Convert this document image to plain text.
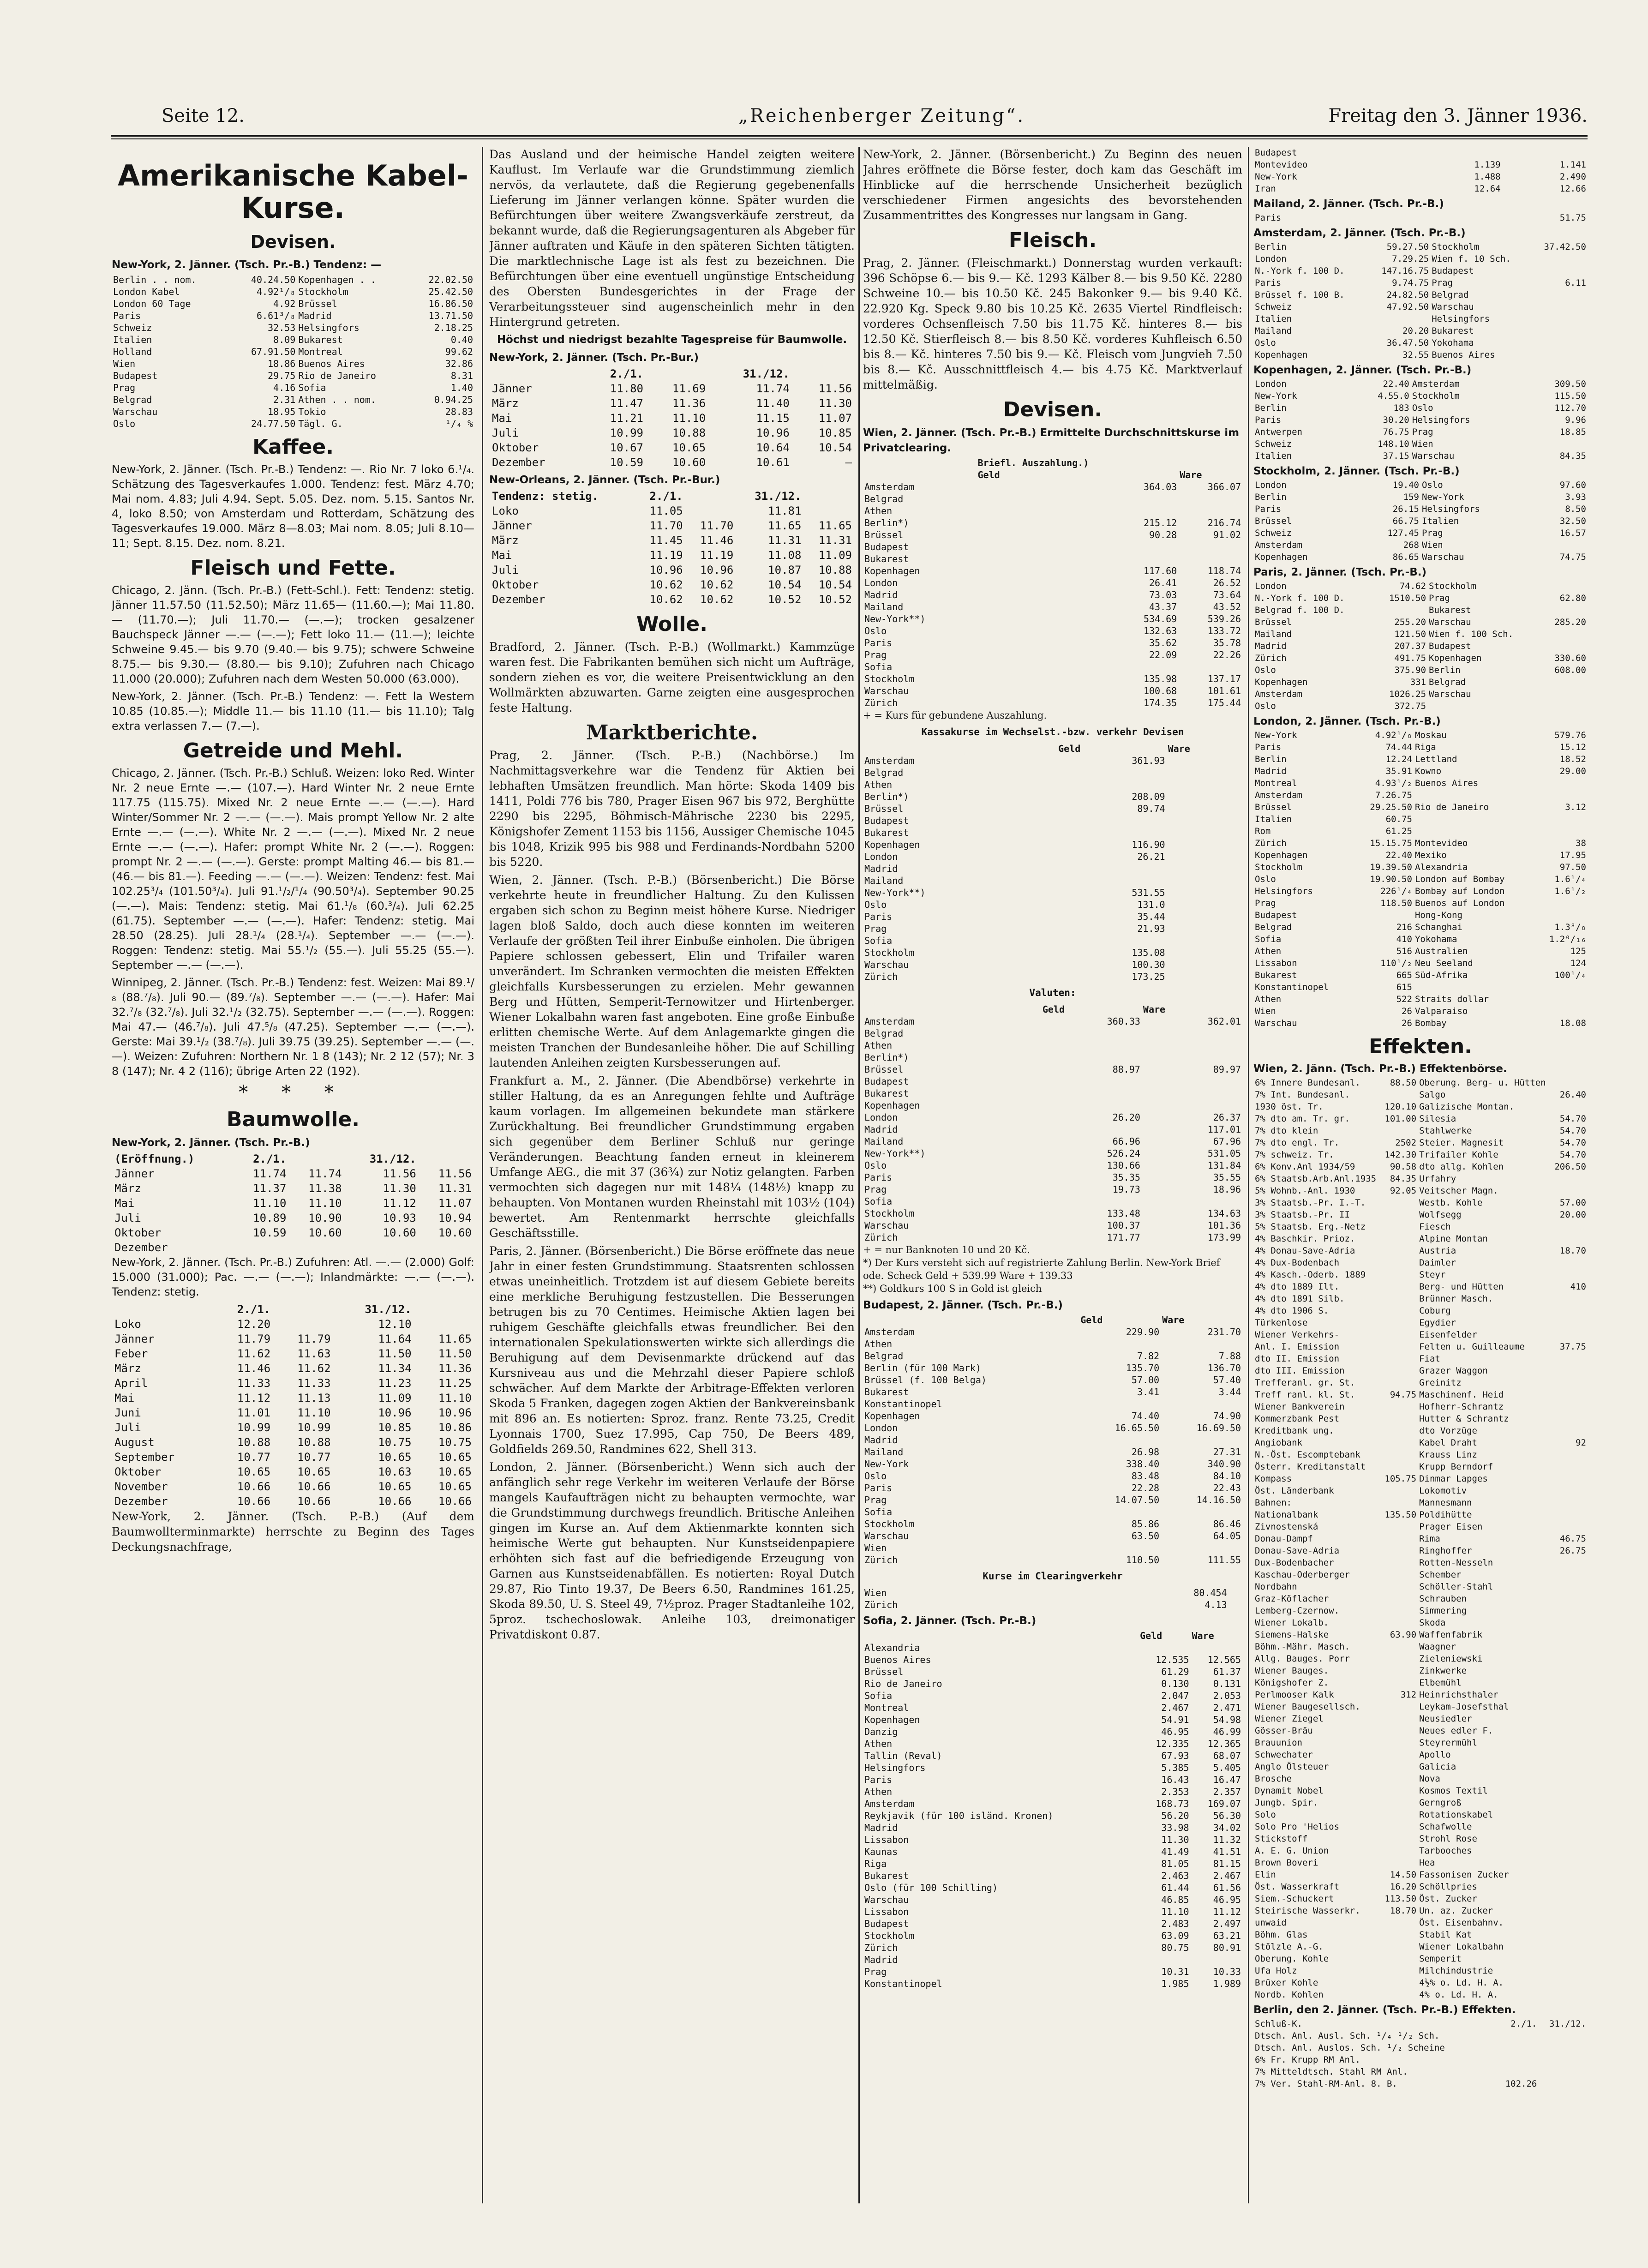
Seite 12.	„Reichenberger Zeitung“.	Freitag den 3. Jänner 1936.
Amerikanische Kabel-Kurse.
Devisen.
New-York, 2. Jänner. (Tsch. Pr.-B.) Tendenz: —
Berlin . . nom.	40.24.50	Kopenhagen . .	22.02.50
London Kabel	4.92¹/₈	Stockholm	25.42.50
London 60 Tage	4.92	Brüssel	16.86.50
Paris	6.61³/₈	Madrid	13.71.50
Schweiz	32.53	Helsingfors	2.18.25
Italien	8.09	Bukarest	0.40
Holland	67.91.50	Montreal	99.62
Wien	18.86	Buenos Aires	32.86
Budapest	29.75	Rio de Janeiro	8.31
Prag	4.16	Sofia	1.40
Belgrad	2.31	Athen . . nom.	0.94.25
Warschau	18.95	Tokio	28.83
Oslo	24.77.50	Tägl. G.	¹/₄ %
Kaffee.
New-York, 2. Jänner. (Tsch. Pr.-B.) Tendenz: —. Rio Nr. 7 loko 6.¹/₄. Schätzung des Tagesverkaufes 1.000. Tendenz: fest. März 4.70; Mai nom. 4.83; Juli 4.94. Sept. 5.05. Dez. nom. 5.15. Santos Nr. 4, loko 8.50; von Amsterdam und Rotterdam, Schätzung des Tagesverkaufes 19.000. März 8—8.03; Mai nom. 8.05; Juli 8.10—11; Sept. 8.15. Dez. nom. 8.21.
Fleisch und Fette.
Chicago, 2. Jänn. (Tsch. Pr.-B.) (Fett-Schl.). Fett: Tendenz: stetig. Jänner 11.57.50 (11.52.50); März 11.65— (11.60.—); Mai 11.80.— (11.70.—); Juli 11.70.— (—.—); trocken gesalzener Bauchspeck Jänner —.— (—.—); Fett loko 11.— (11.—); leichte Schweine 9.45.— bis 9.70 (9.40.— bis 9.75); schwere Schweine 8.75.— bis 9.30.— (8.80.— bis 9.10); Zufuhren nach Chicago 11.000 (20.000); Zufuhren nach dem Westen 50.000 (63.000).
New-York, 2. Jänner. (Tsch. Pr.-B.) Tendenz: —. Fett la Western 10.85 (10.85.—); Middle 11.— bis 11.10 (11.— bis 11.10); Talg extra verlassen 7.— (7.—).
Getreide und Mehl.
Chicago, 2. Jänner. (Tsch. Pr.-B.) Schluß. Weizen: loko Red. Winter Nr. 2 neue Ernte —.— (107.—). Hard Winter Nr. 2 neue Ernte 117.75 (115.75). Mixed Nr. 2 neue Ernte —.— (—.—). Hard Winter/Sommer Nr. 2 —.— (—.—). Mais prompt Yellow Nr. 2 alte Ernte —.— (—.—). White Nr. 2 —.— (—.—). Mixed Nr. 2 neue Ernte —.— (—.—). Hafer: prompt White Nr. 2 (—.—). Roggen: prompt Nr. 2 —.— (—.—). Gerste: prompt Malting 46.— bis 81.— (46.— bis 81.—). Feeding —.— (—.—). Weizen: Tendenz: fest. Mai 102.25³/₄ (101.50³/₄). Juli 91.¹/₂/¹/₄ (90.50³/₄). September 90.25 (—.—). Mais: Tendenz: stetig. Mai 61.¹/₈ (60.³/₄). Juli 62.25 (61.75). September —.— (—.—). Hafer: Tendenz: stetig. Mai 28.50 (28.25). Juli 28.¹/₄ (28.¹/₄). September —.— (—.—). Roggen: Tendenz: stetig. Mai 55.¹/₂ (55.—). Juli 55.25 (55.—). September —.— (—.—).
Winnipeg, 2. Jänner. (Tsch. Pr.-B.) Tendenz: fest. Weizen: Mai 89.¹/₈ (88.⁷/₈). Juli 90.— (89.⁷/₈). September —.— (—.—). Hafer: Mai 32.⁷/₈ (32.⁷/₈). Juli 32.¹/₂ (32.75). September —.— (—.—). Roggen: Mai 47.— (46.⁷/₈). Juli 47.⁵/₈ (47.25). September —.— (—.—). Gerste: Mai 39.¹/₂ (38.⁷/₈). Juli 39.75 (39.25). September —.— (—.—). Weizen: Zufuhren: Northern Nr. 1 8 (143); Nr. 2 12 (57); Nr. 3 8 (147); Nr. 4 2 (116); übrige Arten 22 (192).
* * *
Baumwolle.
New-York, 2. Jänner. (Tsch. Pr.-B.)
(Eröffnung.)	2./1.		31./12.	
Jänner	11.74	11.74	11.56	11.56
März	11.37	11.38	11.30	11.31
Mai	11.10	11.10	11.12	11.07
Juli	10.89	10.90	10.93	10.94
Oktober	10.59	10.60	10.60	10.60
Dezember				
New-York, 2. Jänner. (Tsch. Pr.-B.) Zufuhren: Atl. —.— (2.000) Golf: 15.000 (31.000); Pac. —.— (—.—); Inlandmärkte: —.— (—.—). Tendenz: stetig.
	2./1.		31./12.	
Loko	12.20		12.10	
Jänner	11.79	11.79	11.64	11.65
Feber	11.62	11.63	11.50	11.50
März	11.46	11.62	11.34	11.36
April	11.33	11.33	11.23	11.25
Mai	11.12	11.13	11.09	11.10
Juni	11.01	11.10	10.96	10.96
Juli	10.99	10.99	10.85	10.86
August	10.88	10.88	10.75	10.75
September	10.77	10.77	10.65	10.65
Oktober	10.65	10.65	10.63	10.65
November	10.66	10.66	10.65	10.65
Dezember	10.66	10.66	10.66	10.66
New-York, 2. Jänner. (Tsch. P.-B.) (Auf dem Baumwollterminmarkte) herrschte zu Beginn des Tages Deckungsnachfrage,
Das Ausland und der heimische Handel zeigten weitere Kauflust. Im Verlaufe war die Grundstimmung ziemlich nervös, da verlautete, daß die Regierung gegebenenfalls Lieferung im Jänner verlangen könne. Später wurden die Befürchtungen über weitere Zwangsverkäufe zerstreut, da bekannt wurde, daß die Regierungsagenturen als Abgeber für Jänner auftraten und Käufe in den späteren Sichten tätigten. Die marktlechnische Lage ist als fest zu bezeichnen. Die Befürchtungen über eine eventuell ungünstige Entscheidung des Obersten Bundesgerichtes in der Frage der Verarbeitungssteuer sind augenscheinlich mehr in den Hintergrund getreten.
Höchst und niedrigst bezahlte Tagespreise für Baumwolle.
New-York, 2. Jänner. (Tsch. Pr.-Bur.)
	2./1.		31./12.	
Jänner	11.80	11.69	11.74	11.56
März	11.47	11.36	11.40	11.30
Mai	11.21	11.10	11.15	11.07
Juli	10.99	10.88	10.96	10.85
Oktober	10.67	10.65	10.64	10.54
Dezember	10.59	10.60	10.61	—
New-Orleans, 2. Jänner. (Tsch. Pr.-Bur.)
Tendenz: stetig.	2./1.		31./12.	
Loko	11.05		11.81	
Jänner	11.70	11.70	11.65	11.65
März	11.45	11.46	11.31	11.31
Mai	11.19	11.19	11.08	11.09
Juli	10.96	10.96	10.87	10.88
Oktober	10.62	10.62	10.54	10.54
Dezember	10.62	10.62	10.52	10.52
Wolle.
Bradford, 2. Jänner. (Tsch. P.-B.) (Wollmarkt.) Kammzüge waren fest. Die Fabrikanten bemühen sich nicht um Aufträge, sondern ziehen es vor, die weitere Preisentwicklung an den Wollmärkten abzuwarten. Garne zeigten eine ausgesprochen feste Haltung.
Marktberichte.
Prag, 2. Jänner. (Tsch. P.-B.) (Nachbörse.) Im Nachmittagsverkehre war die Tendenz für Aktien bei lebhaften Umsätzen freundlich. Man hörte: Skoda 1409 bis 1411, Poldi 776 bis 780, Prager Eisen 967 bis 972, Berghütte 2290 bis 2295, Böhmisch-Mährische 2230 bis 2295, Königshofer Zement 1153 bis 1156, Aussiger Chemische 1045 bis 1048, Krizik 995 bis 988 und Ferdinands-Nordbahn 5200 bis 5220.
Wien, 2. Jänner. (Tsch. P.-B.) (Börsenbericht.) Die Börse verkehrte heute in freundlicher Haltung. Zu den Kulissen ergaben sich schon zu Beginn meist höhere Kurse. Niedriger lagen bloß Saldo, doch auch diese konnten im weiteren Verlaufe der größten Teil ihrer Einbuße einholen. Die übrigen Papiere schlossen gebessert, Elin und Trifailer waren unverändert. Im Schranken vermochten die meisten Effekten gleichfalls Kursbesserungen zu erzielen. Mehr gewannen Berg und Hütten, Semperit-Ternowitzer und Hirtenberger. Wiener Lokalbahn waren fast angeboten. Eine große Einbuße erlitten chemische Werte. Auf dem Anlagemarkte gingen die meisten Tranchen der Bundesanleihe höher. Die auf Schilling lautenden Anleihen zeigten Kursbesserungen auf.
Frankfurt a. M., 2. Jänner. (Die Abendbörse) verkehrte in stiller Haltung, da es an Anregungen fehlte und Aufträge kaum vorlagen. Im allgemeinen bekundete man stärkere Zurückhaltung. Bei freundlicher Grundstimmung ergaben sich gegenüber dem Berliner Schluß nur geringe Veränderungen. Beachtung fanden erneut in kleinerem Umfange AEG., die mit 37 (36¾) zur Notiz gelangten. Farben vermochten sich dagegen nur mit 148¼ (148½) knapp zu behaupten. Von Montanen wurden Rheinstahl mit 103½ (104) bewertet. Am Rentenmarkt herrschte gleichfalls Geschäftsstille.
Paris, 2. Jänner. (Börsenbericht.) Die Börse eröffnete das neue Jahr in einer festen Grundstimmung. Staatsrenten schlossen etwas uneinheitlich. Trotzdem ist auf diesem Gebiete bereits eine merkliche Beruhigung festzustellen. Die Besserungen betrugen bis zu 70 Centimes. Heimische Aktien lagen bei ruhigem Geschäfte gleichfalls etwas freundlicher. Bei den internationalen Spekulationswerten wirkte sich allerdings die Beruhigung auf dem Devisenmarkte drückend auf das Kursniveau aus und die Mehrzahl dieser Papiere schloß schwächer. Auf dem Markte der Arbitrage-Effekten verloren Skoda 5 Franken, dagegen zogen Aktien der Bankvereinsbank mit 896 an. Es notierten: Sproz. franz. Rente 73.25, Credit Lyonnais 1700, Suez 17.995, Cap 750, De Beers 489, Goldfields 269.50, Randmines 622, Shell 313.
London, 2. Jänner. (Börsenbericht.) Wenn sich auch der anfänglich sehr rege Verkehr im weiteren Verlaufe der Börse mangels Kaufaufträgen nicht zu behaupten vermochte, war die Grundstimmung durchwegs freundlich. Britische Anleihen gingen im Kurse an. Auf dem Aktienmarkte konnten sich heimische Werte gut behaupten. Nur Kunstseidenpapiere erhöhten sich fast auf die befriedigende Erzeugung von Garnen aus Kunstseidenabfällen. Es notierten: Royal Dutch 29.87, Rio Tinto 19.37, De Beers 6.50, Randmines 161.25, Skoda 89.50, U. S. Steel 49, 7½proz. Prager Stadtanleihe 102, 5proz. tschechoslowak. Anleihe 103, dreimonatiger Privatdiskont 0.87.
New-York, 2. Jänner. (Börsenbericht.) Zu Beginn des neuen Jahres eröffnete die Börse fester, doch kam das Geschäft im Hinblicke auf die herrschende Unsicherheit bezüglich verschiedener Firmen angesichts des bevorstehenden Zusammentrittes des Kongresses nur langsam in Gang.
Fleisch.
Prag, 2. Jänner. (Fleischmarkt.) Donnerstag wurden verkauft: 396 Schöpse 6.— bis 9.— Kč. 1293 Kälber 8.— bis 9.50 Kč. 2280 Schweine 10.— bis 10.50 Kč. 245 Bakonker 9.— bis 9.40 Kč. 22.920 Kg. Speck 9.80 bis 10.25 Kč. 2635 Viertel Rindfleisch: vorderes Ochsenfleisch 7.50 bis 11.75 Kč. hinteres 8.— bis 12.50 Kč. Stierfleisch 8.— bis 8.50 Kč. vorderes Kuhfleisch 6.50 bis 8.— Kč. hinteres 7.50 bis 9.— Kč. Fleisch vom Jungvieh 7.50 bis 8.— Kč. Ausschnittfleisch 4.— bis 4.75 Kč. Marktverlauf mittelmäßig.
Devisen.
Wien, 2. Jänner. (Tsch. Pr.-B.) Ermittelte Durchschnittskurse im Privatclearing.
	Briefl. Auszahlung.)	
	Geld	Ware
Amsterdam	364.03	366.07
Belgrad		
Athen		
Berlin*)	215.12	216.74
Brüssel	90.28	91.02
Budapest		
Bukarest		
Kopenhagen	117.60	118.74
London	26.41	26.52
Madrid	73.03	73.64
Mailand	43.37	43.52
New-York**)	534.69	539.26
Oslo	132.63	133.72
Paris	35.62	35.78
Prag	22.09	22.26
Sofia		
Stockholm	135.98	137.17
Warschau	100.68	101.61
Zürich	174.35	175.44
+ = Kurs für gebundene Auszahlung.
Kassakurse im Wechselst.-bzw. verkehr Devisen
	Geld	Ware
Amsterdam	361.93	
Belgrad		
Athen		
Berlin*)	208.09	
Brüssel	89.74	
Budapest		
Bukarest		
Kopenhagen	116.90	
London	26.21	
Madrid		
Mailand		
New-York**)	531.55	
Oslo	131.0	
Paris	35.44	
Prag	21.93	
Sofia		
Stockholm	135.08	
Warschau	100.30	
Zürich	173.25	
Valuten:
	Geld	Ware
Amsterdam	360.33	362.01
Belgrad		
Athen		
Berlin*)		
Brüssel	88.97	89.97
Budapest		
Bukarest		
Kopenhagen		
London	26.20	26.37
Madrid		117.01
Mailand	66.96	67.96
New-York**)	526.24	531.05
Oslo	130.66	131.84
Paris	35.35	35.55
Prag	19.73	18.96
Sofia		
Stockholm	133.48	134.63
Warschau	100.37	101.36
Zürich	171.77	173.99
+ = nur Banknoten 10 und 20 Kč.
*) Der Kurs versteht sich auf registrierte Zahlung Berlin. New-York Brief ode. Scheck Geld + 539.99 Ware + 139.33
**) Goldkurs 100 S in Gold ist gleich
Budapest, 2. Jänner. (Tsch. Pr.-B.)
	Geld	Ware
Amsterdam	229.90	231.70
Athen		
Belgrad	7.82	7.88
Berlin (für 100 Mark)	135.70	136.70
Brüssel (f. 100 Belga)	57.00	57.40
Bukarest	3.41	3.44
Konstantinopel		
Kopenhagen	74.40	74.90
London	16.65.50	16.69.50
Madrid		
Mailand	26.98	27.31
New-York	338.40	340.90
Oslo	83.48	84.10
Paris	22.28	22.43
Prag	14.07.50	14.16.50
Sofia		
Stockholm	85.86	86.46
Warschau	63.50	64.05
Wien		
Zürich	110.50	111.55
Kurse im Clearingverkehr
Wien	80.454	
Zürich	4.13	
Sofia, 2. Jänner. (Tsch. Pr.-B.)
	Geld	Ware
Alexandria		
Buenos Aires	12.535	12.565
Brüssel	61.29	61.37
Rio de Janeiro	0.130	0.131
Sofia	2.047	2.053
Montreal	2.467	2.471
Kopenhagen	54.91	54.98
Danzig	46.95	46.99
Athen	12.335	12.365
Tallin (Reval)	67.93	68.07
Helsingfors	5.385	5.405
Paris	16.43	16.47
Athen	2.353	2.357
Amsterdam	168.73	169.07
Reykjavik (für 100 isländ. Kronen)	56.20	56.30
Madrid	33.98	34.02
Lissabon	11.30	11.32
Kaunas	41.49	41.51
Riga	81.05	81.15
Bukarest	2.463	2.467
Oslo (für 100 Schilling)	61.44	61.56
Warschau	46.85	46.95
Lissabon	11.10	11.12
Budapest	2.483	2.497
Stockholm	63.09	63.21
Zürich	80.75	80.91
Madrid		
Prag	10.31	10.33
Konstantinopel	1.985	1.989
Budapest		
Montevideo	1.139	1.141
New-York	1.488	2.490
Iran	12.64	12.66
Mailand, 2. Jänner. (Tsch. Pr.-B.)
Paris		51.75
Amsterdam, 2. Jänner. (Tsch. Pr.-B.)
Berlin	59.27.50	Stockholm	37.42.50
London	7.29.25	Wien f. 10 Sch.	
N.-York f. 100 D.	147.16.75	Budapest	
Paris	9.74.75	Prag	6.11
Brüssel f. 100 B.	24.82.50	Belgrad	
Schweiz	47.92.50	Warschau	
Italien		Helsingfors	
Mailand	20.20	Bukarest	
Oslo	36.47.50	Yokohama	
Kopenhagen	32.55	Buenos Aires	
Kopenhagen, 2. Jänner. (Tsch. Pr.-B.)
London	22.40	Amsterdam	309.50
New-York	4.55.0	Stockholm	115.50
Berlin	183	Oslo	112.70
Paris	30.20	Helsingfors	9.96
Antwerpen	76.75	Prag	18.85
Schweiz	148.10	Wien	
Italien	37.15	Warschau	84.35
Stockholm, 2. Jänner. (Tsch. Pr.-B.)
London	19.40	Oslo	97.60
Berlin	159	New-York	3.93
Paris	26.15	Helsingfors	8.50
Brüssel	66.75	Italien	32.50
Schweiz	127.45	Prag	16.57
Amsterdam	268	Wien	
Kopenhagen	86.65	Warschau	74.75
Paris, 2. Jänner. (Tsch. Pr.-B.)
London	74.62	Stockholm	
N.-York f. 100 D.	1510.50	Prag	62.80
Belgrad f. 100 D.		Bukarest	
Brüssel	255.20	Warschau	285.20
Mailand	121.50	Wien f. 100 Sch.	
Madrid	207.37	Budapest	
Zürich	491.75	Kopenhagen	330.60
Oslo	375.90	Berlin	608.00
Kopenhagen	331	Belgrad	
Amsterdam	1026.25	Warschau	
Oslo	372.75		
London, 2. Jänner. (Tsch. Pr.-B.)
New-York	4.92¹/₈	Moskau	579.76
Paris	74.44	Riga	15.12
Berlin	12.24	Lettland	18.52
Madrid	35.91	Kowno	29.00
Montreal	4.93¹/₂	Buenos Aires	
Amsterdam	7.26.75		
Brüssel	29.25.50	Rio de Janeiro	3.12
Italien	60.75		
Rom	61.25		
Zürich	15.15.75	Montevideo	38
Kopenhagen	22.40	Mexiko	17.95
Stockholm	19.39.50	Alexandria	97.50
Oslo	19.90.50	London auf Bombay	1.6¹/₄
Helsingfors	226¹/₄	Bombay auf London	1.6¹/₂
Prag	118.50	Buenos auf London	
Budapest		Hong-Kong	
Belgrad	216	Schanghai	1.3⁸/₈
Sofia	410	Yokohama	1.2⁰/₁₆
Athen	516	Australien	125
Lissabon	110¹/₂	Neu Seeland	124
Bukarest	665	Süd-Afrika	100¹/₄
Konstantinopel	615		
Athen	522	Straits dollar	
Wien	26	Valparaiso	
Warschau	26	Bombay	18.08
Effekten.
Wien, 2. Jänn. (Tsch. Pr.-B.) Effektenbörse.
6% Innere Bundesanl.	88.50	Oberung. Berg- u. Hütten	
7% Int. Bundesanl.		Salgo	26.40
1930 öst. Tr.	120.10	Galizische Montan.	
7% dto am. Tr. gr.	101.00	Silesia	54.70
7% dto klein		Stahlwerke	54.70
7% dto engl. Tr.	2502	Steier. Magnesit	54.70
7% schweiz. Tr.	142.30	Trifailer Kohle	54.70
6% Konv.Anl 1934/59	90.58	dto allg. Kohlen	206.50
6% Staatsb.Arb.Anl.1935	84.35	Urfahry	
5% Wohnb.-Anl. 1930	92.05	Veitscher Magn.	
3% Staatsb.-Pr. I.-T.		Westb. Kohle	57.00
3% Staatsb.-Pr. II		Wolfsegg	20.00
5% Staatsb. Erg.-Netz		Fiesch	
4% Baschkir. Prioz.		Alpine Montan	
4% Donau-Save-Adria		Austria	18.70
4% Dux-Bodenbach		Daimler	
4% Kasch.-Oderb. 1889		Steyr	
4% dto 1889 Ilt.		Berg- und Hütten	410
4% dto 1891 Silb.		Brünner Masch.	
4% dto 1906 S.		Coburg	
Türkenlose		Egydier	
Wiener Verkehrs-		Eisenfelder	
Anl. I. Emission		Felten u. Guilleaume	37.75
dto II. Emission		Fiat	
dto III. Emission		Grazer Waggon	
Trefferanl. gr. St.		Greinitz	
Treff ranl. kl. St.	94.75	Maschinenf. Heid	
Wiener Bankverein		Hofherr-Schrantz	
Kommerzbank Pest		Hutter & Schrantz	
Kreditbank ung.		dto Vorzüge	
Angiobank		Kabel Draht	92
N.-Öst. Escomptebank		Krauss Linz	
Österr. Kreditanstalt		Krupp Berndorf	
Kompass	105.75	Dinmar Lapges	
Öst. Länderbank		Lokomotiv	
Bahnen:		Mannesmann	
Nationalbank	135.50	Poldihütte	
Zivnostenská		Prager Eisen	
Donau-Dampf		Rima	46.75
Donau-Save-Adria		Ringhoffer	26.75
Dux-Bodenbacher		Rotten-Nesseln	
Kaschau-Oderberger		Schember	
Nordbahn		Schöller-Stahl	
Graz-Köflacher		Schrauben	
Lemberg-Czernow.		Simmering	
Wiener Lokalb.		Skoda	
Siemens-Halske	63.90	Waffenfabrik	
Böhm.-Mähr. Masch.		Waagner	
Allg. Bauges. Porr		Zieleniewski	
Wiener Bauges.		Zinkwerke	
Königshofer Z.		Elbemühl	
Perlmooser Kalk	312	Heinrichsthaler	
Wiener Baugesellsch.		Leykam-Josefsthal	
Wiener Ziegel		Neusiedler	
Gösser-Bräu		Neues edler F.	
Brauunion		Steyrermühl	
Schwechater		Apollo	
Anglo Ölsteuer		Galicia	
Brosche		Nova	
Dynamit Nobel		Kosmos Textil	
Jungb. Spir.		Gerngroß	
Solo		Rotationskabel	
Solo Pro 'Helios		Schafwolle	
Stickstoff		Strohl Rose	
A. E. G. Union		Tarbooches	
Brown Boveri		Hea	
Elin	14.50	Fassonisen Zucker	
Öst. Wasserkraft	16.20	Schöllpries	
Siem.-Schuckert	113.50	Öst. Zucker	
Steirische Wasserkr.	18.70	Un. az. Zucker	
unwaid		Öst. Eisenbahnv.	
Böhm. Glas		Stabil Kat	
Stölzle A.-G.		Wiener Lokalbahn	
Oberung. Kohle		Semperit	
Ufa Holz		Milchindustrie	
Brüxer Kohle		4½% o. Ld. H. A.	
Nordb. Kohlen		4% o. Ld. H. A.	
Berlin, den 2. Jänner. (Tsch. Pr.-B.) Effekten.
Schluß-K.		2./1.	31./12.
Dtsch. Anl. Ausl. Sch. ¹/₄ ¹/₂ Sch.			
Dtsch. Anl. Auslos. Sch. ¹/₂ Scheine			
6% Fr. Krupp RM Anl.			
7% Mitteldtsch. Stahl RM Anl.			
7% Ver. Stahl-RM-Anl. 8. B.		102.26	
